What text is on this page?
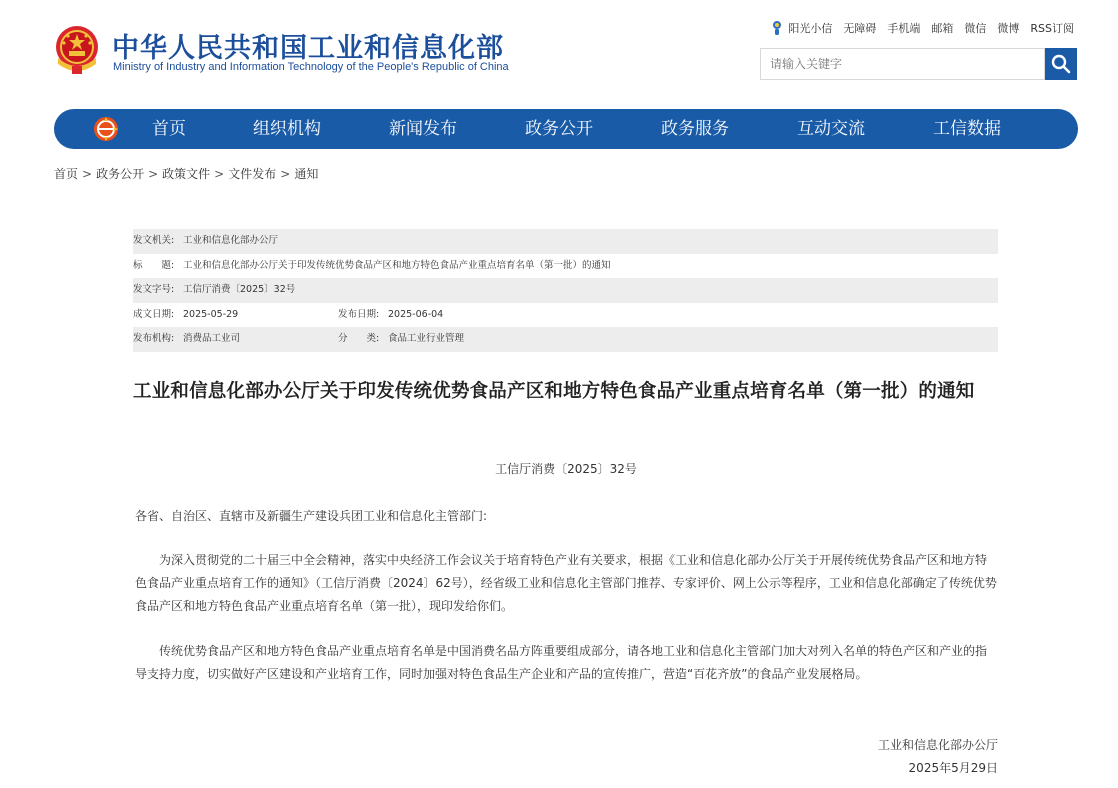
中华人民共和国工业和信息化部
Ministry of Industry and Information Technology of the People's Republic of China
阳光小信 无障碍 手机端 邮箱 微信 微博 RSS订阅
请输入关键字
首页	组织机构	新闻发布	政务公开	政务服务	互动交流	工信数据
首页 > 政务公开 > 政策文件 > 文件发布 > 通知
发文机关: 工业和信息化部办公厅
标　　题: 工业和信息化部办公厅关于印发传统优势食品产区和地方特色食品产业重点培育名单（第一批）的通知
发文字号: 工信厅消费〔2025〕32号
成文日期: 2025-05-29	发布日期: 2025-06-04
发布机构: 消费品工业司	分　　类: 食品工业行业管理
工业和信息化部办公厅关于印发传统优势食品产区和地方特色食品产业重点培育名单（第一批）的通知
工信厅消费〔2025〕32号
各省、自治区、直辖市及新疆生产建设兵团工业和信息化主管部门:
为深入贯彻党的二十届三中全会精神，落实中央经济工作会议关于培育特色产业有关要求，根据《工业和信息化部办公厅关于开展传统优势食品产区和地方特色食品产业重点培育工作的通知》（工信厅消费〔2024〕62号），经省级工业和信息化主管部门推荐、专家评价、网上公示等程序，工业和信息化部确定了传统优势食品产区和地方特色食品产业重点培育名单（第一批），现印发给你们。
传统优势食品产区和地方特色食品产业重点培育名单是中国消费名品方阵重要组成部分，请各地工业和信息化主管部门加大对列入名单的特色产区和产业的指导支持力度，切实做好产区建设和产业培育工作，同时加强对特色食品生产企业和产品的宣传推广，营造“百花齐放”的食品产业发展格局。
工业和信息化部办公厅
2025年5月29日
